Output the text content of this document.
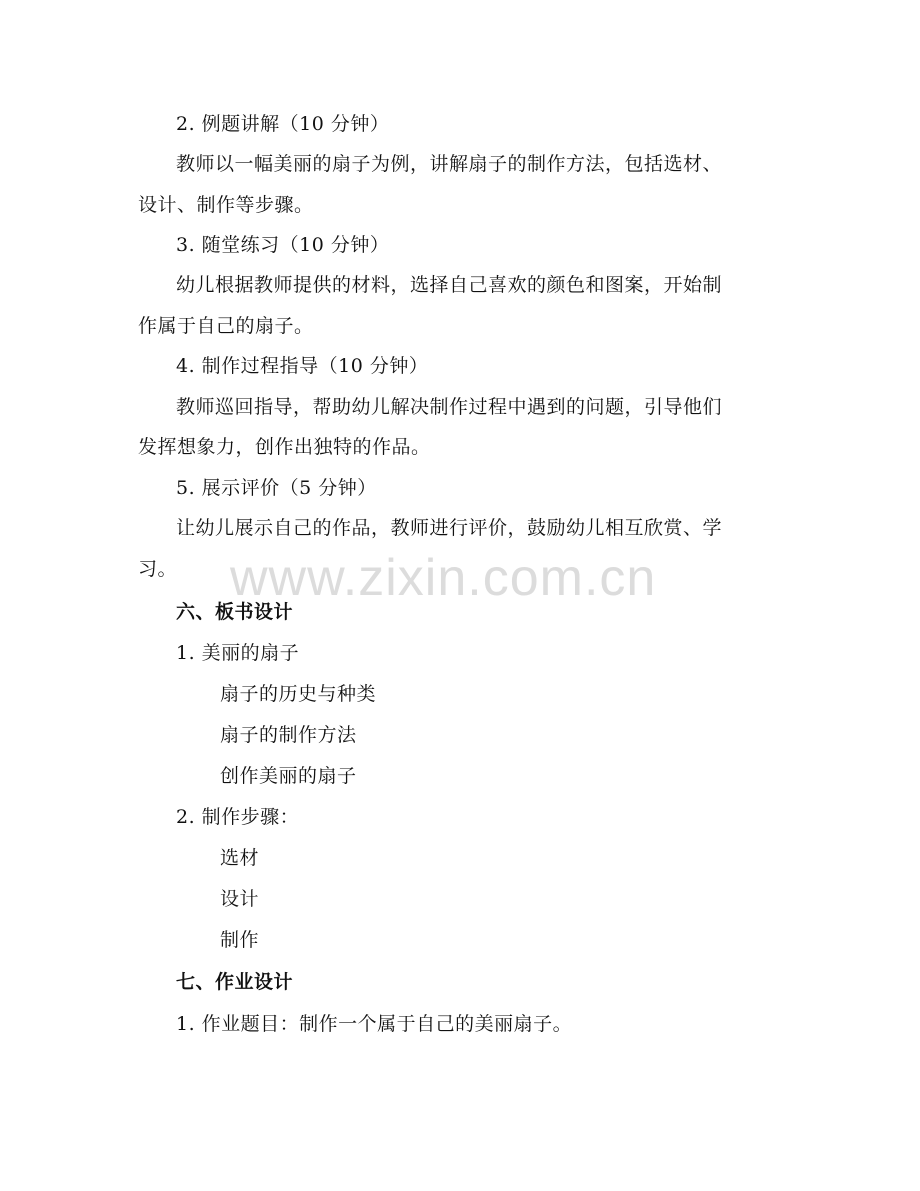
2. 例题讲解（10 分钟）
教师以一幅美丽的扇子为例，讲解扇子的制作方法，包括选材、
设计、制作等步骤。
3. 随堂练习（10 分钟）
幼儿根据教师提供的材料，选择自己喜欢的颜色和图案，开始制
作属于自己的扇子。
4. 制作过程指导（10 分钟）
教师巡回指导，帮助幼儿解决制作过程中遇到的问题，引导他们
发挥想象力，创作出独特的作品。
5. 展示评价（5 分钟）
让幼儿展示自己的作品，教师进行评价，鼓励幼儿相互欣赏、学
习。
六、板书设计
1. 美丽的扇子
扇子的历史与种类
扇子的制作方法
创作美丽的扇子
2. 制作步骤：
选材
设计
制作
七、作业设计
1. 作业题目：制作一个属于自己的美丽扇子。
www.zixin.com.cn
